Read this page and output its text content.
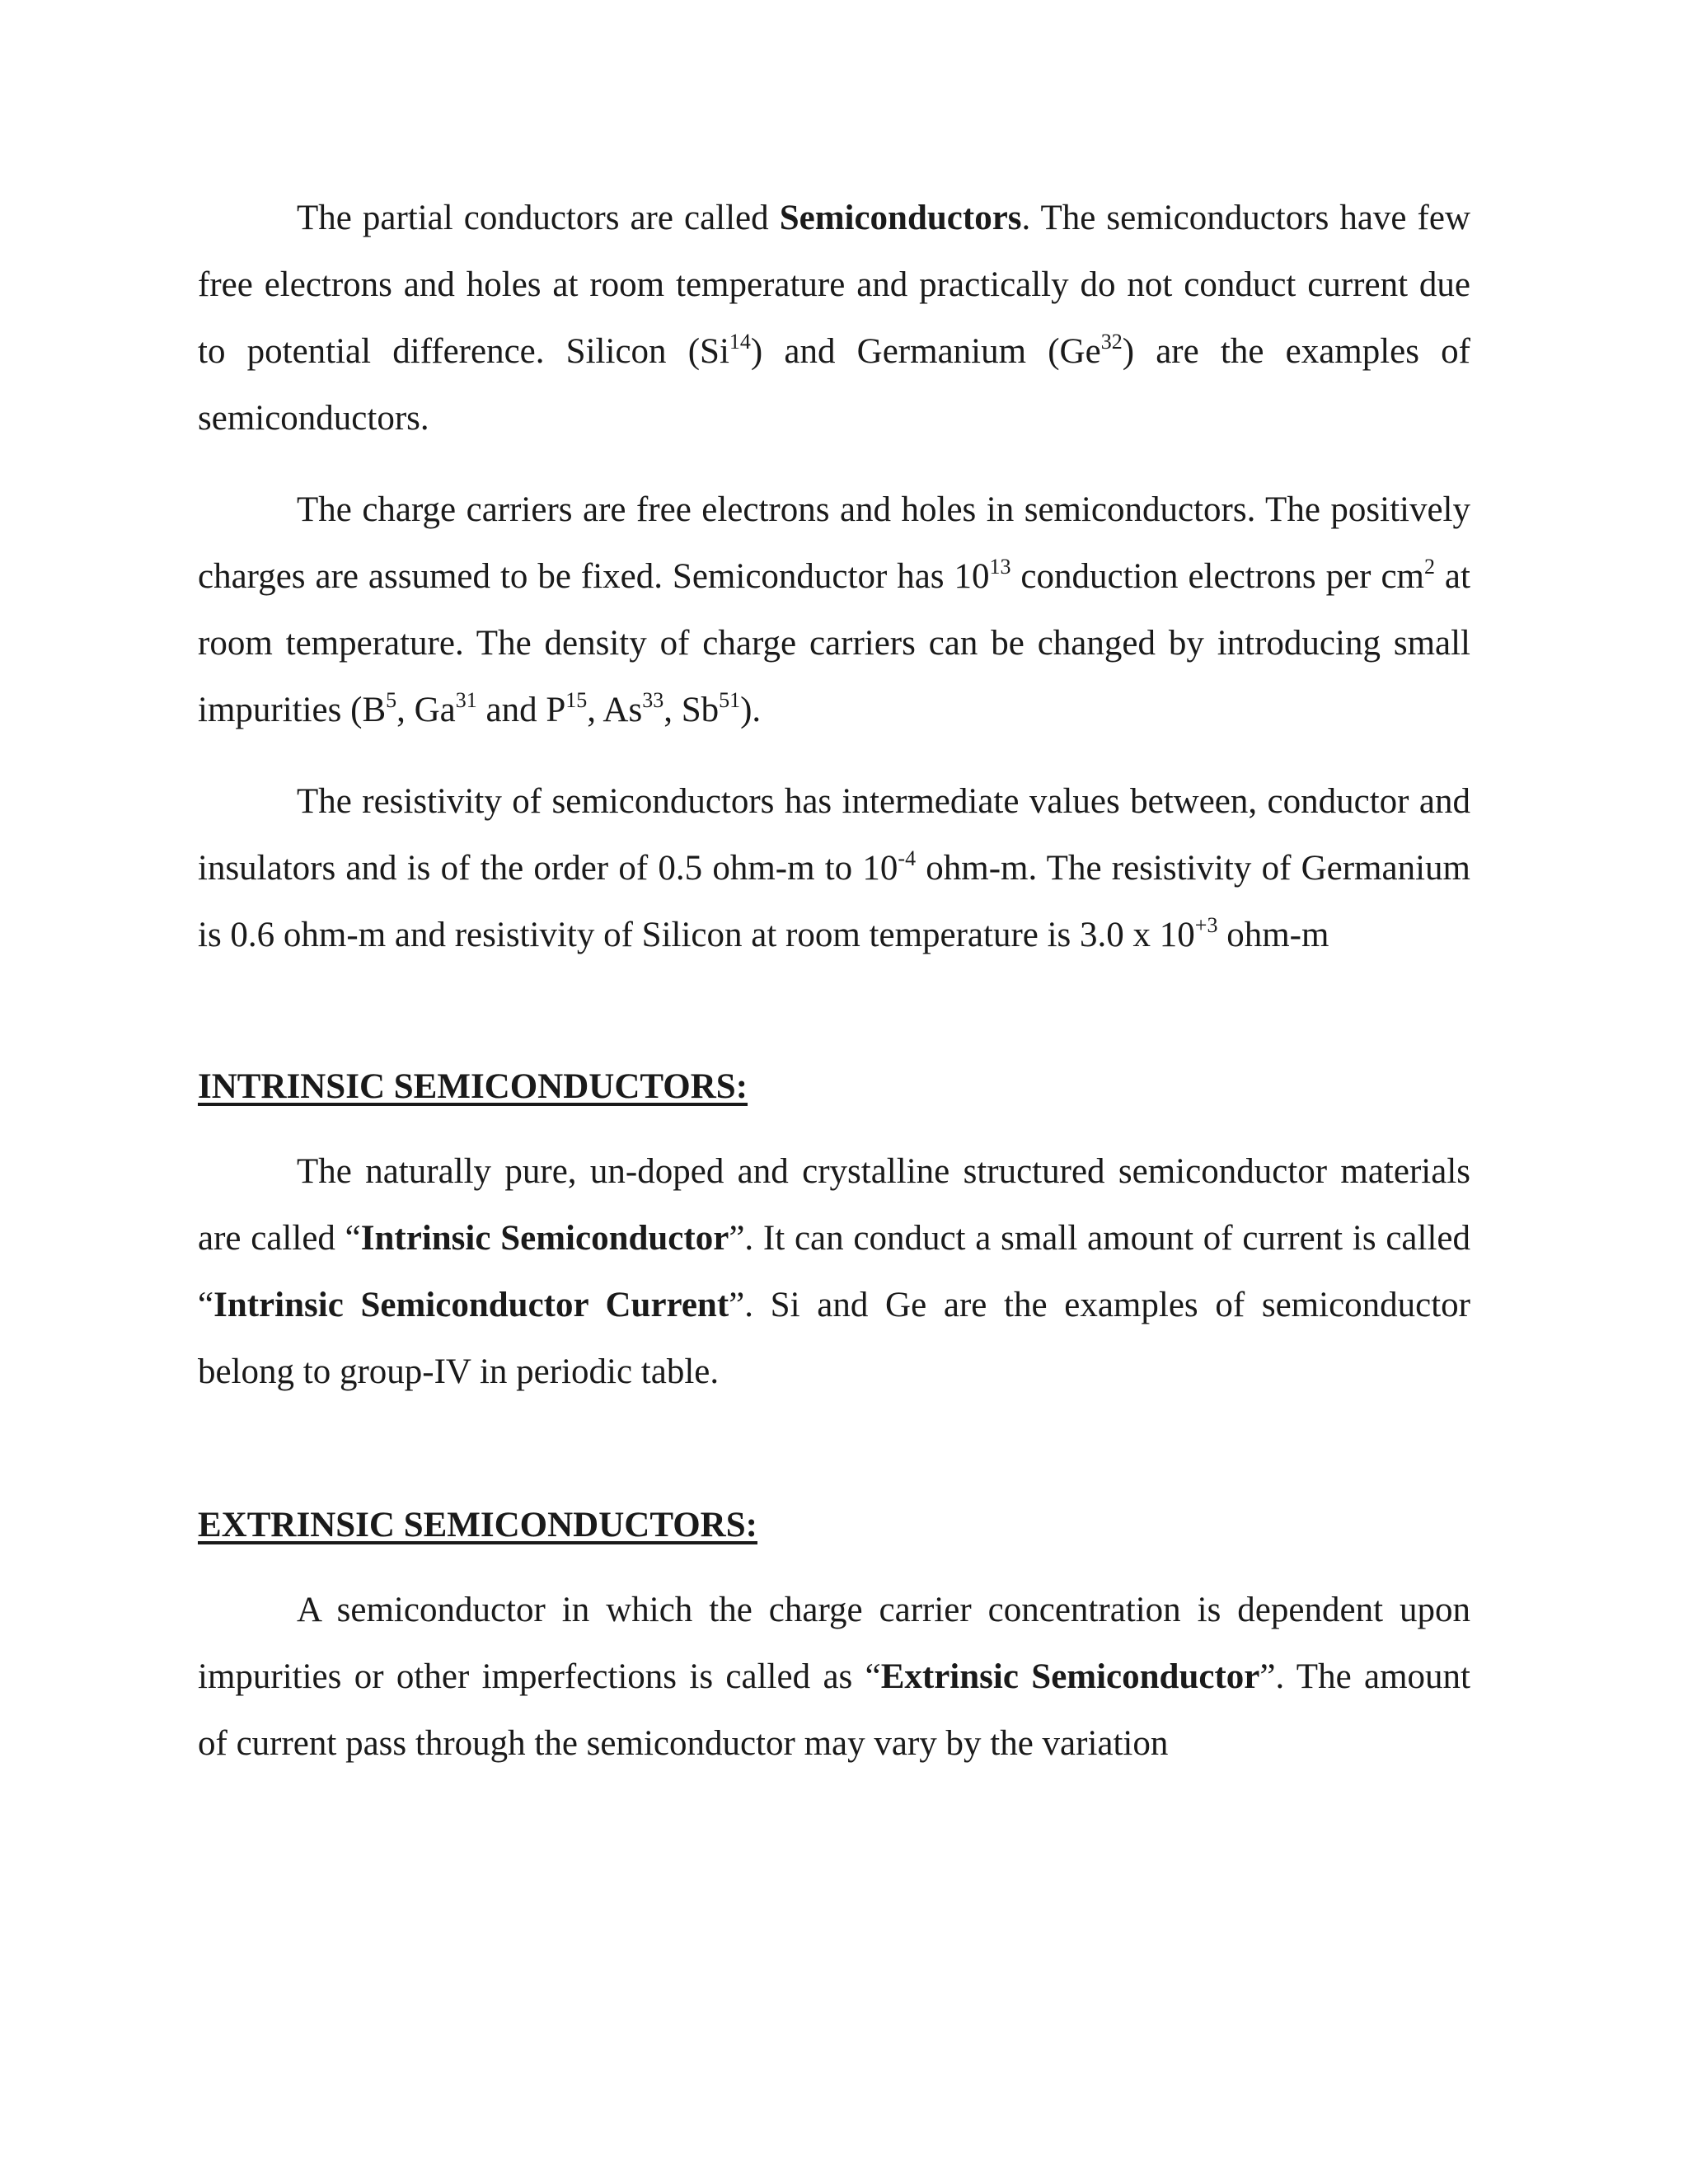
The partial conductors are called Semiconductors. The semiconductors have few free electrons and holes at room temperature and practically do not conduct current due to potential difference. Silicon (Si$^{14}$) and Germanium (Ge$^{32}$) are the examples of semiconductors.

The charge carriers are free electrons and holes in semiconductors. The positively charges are assumed to be fixed. Semiconductor has $10^{13}$ conduction electrons per $cm^2$ at room temperature. The density of charge carriers can be changed by introducing small impurities ($B^5$, Ga$^{31}$ and $P^{15}$, As$^{33}$, Sb$^{51}$).

The resistivity of semiconductors has intermediate values between, conductor and insulators and is of the order of 0.5 ohm-m to $10^{-4}$ ohm-m. The resistivity of Germanium is 0.6 ohm-m and resistivity of Silicon at room temperature is 3.0 x $10^{+3}$ ohm-m

INTRINSIC SEMICONDUCTORS:

The naturally pure, un-doped and crystalline structured semiconductor materials are called “Intrinsic Semiconductor”. It can conduct a small amount of current is called “Intrinsic Semiconductor Current”. Si and Ge are the examples of semiconductor belong to group-IV in periodic table.

EXTRINSIC SEMICONDUCTORS:

A semiconductor in which the charge carrier concentration is dependent upon impurities or other imperfections is called as “Extrinsic Semiconductor”. The amount of current pass through the semiconductor may vary by the variation
